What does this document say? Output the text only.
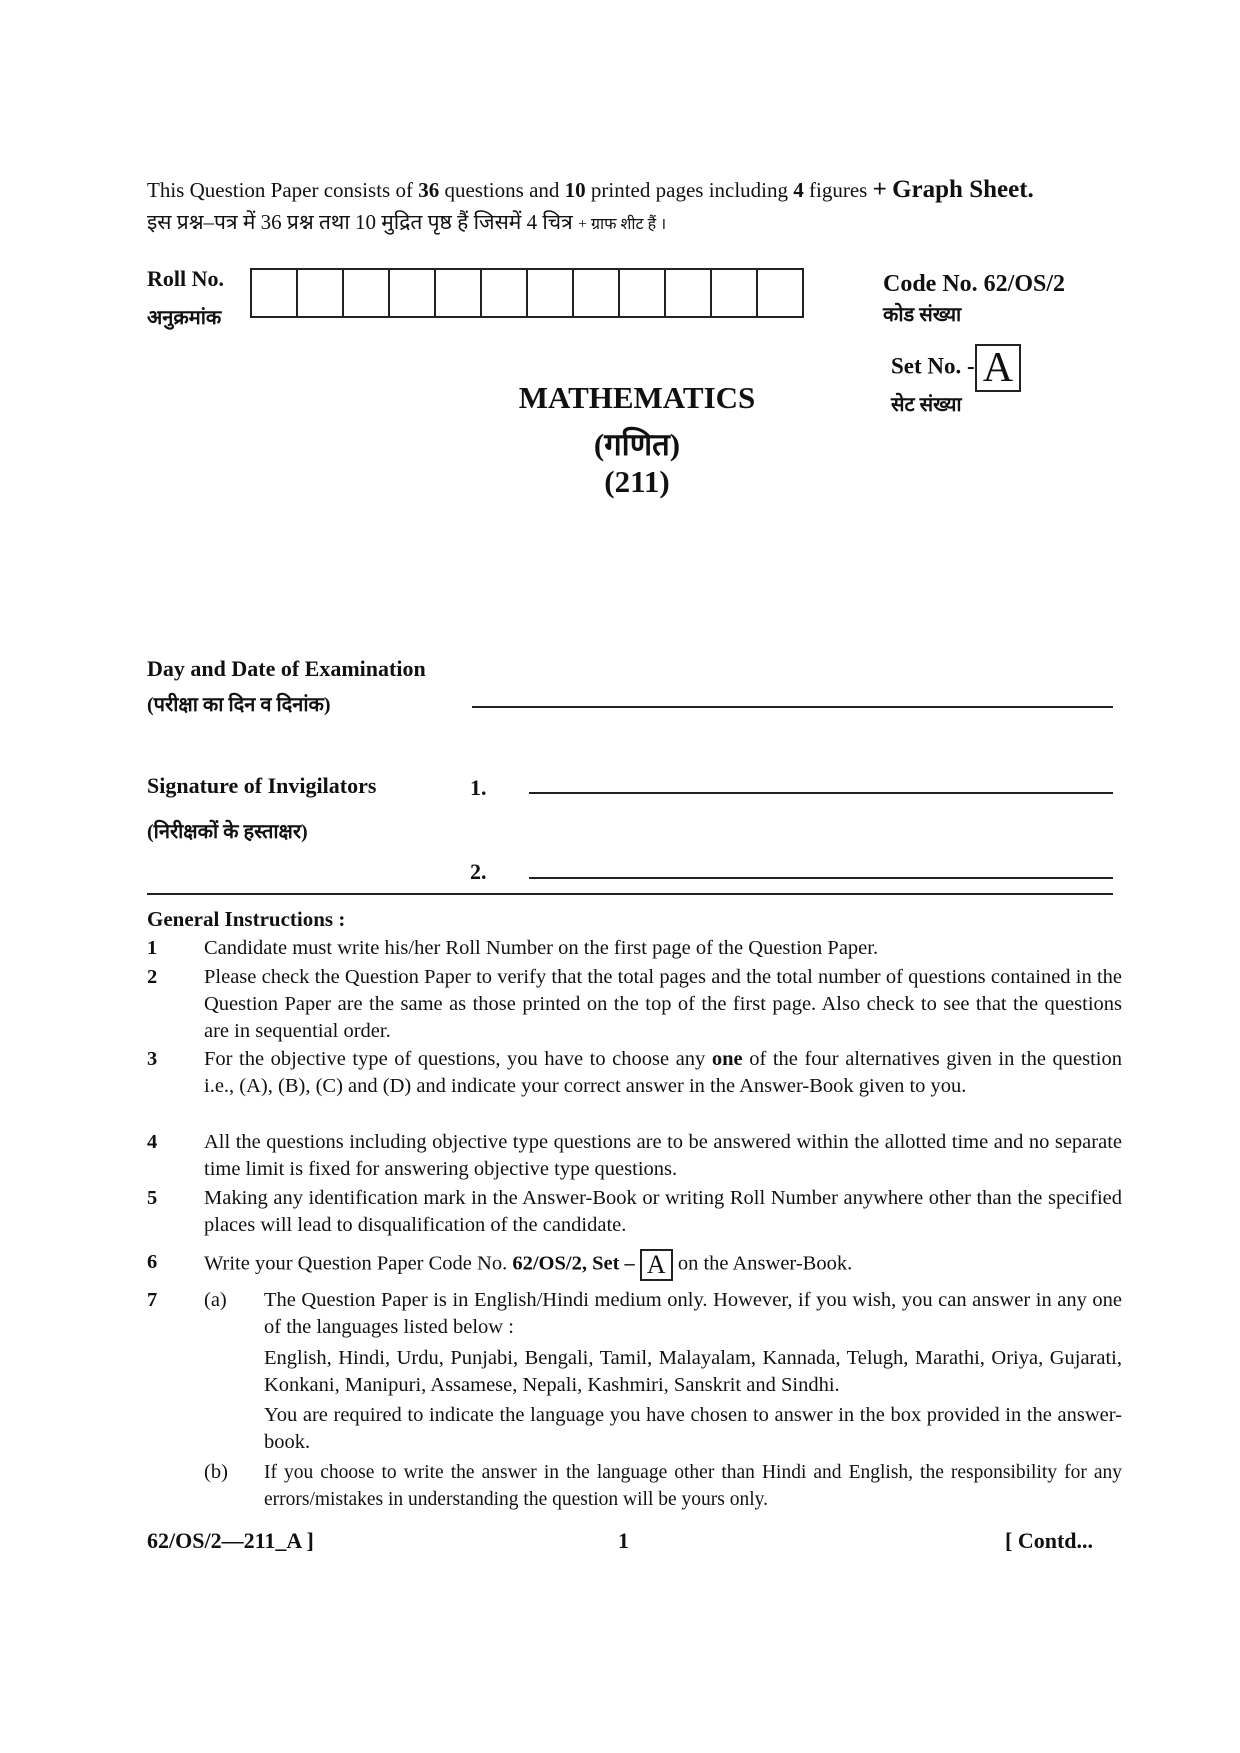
This Question Paper consists of 36 questions and 10 printed pages including 4 figures + Graph Sheet.
इस प्रश्न–पत्र में 36 प्रश्न तथा 10 मुद्रित पृष्ठ हैं जिसमें 4 चित्र + ग्राफ शीट हैं ।
Roll No.
अनुक्रमांक
Code No. 62/OS/2
कोड संख्या
Set No. - A
सेट संख्या
MATHEMATICS
(गणित)
(211)
Day and Date of Examination
(परीक्षा का दिन व दिनांक)
Signature of Invigilators
(निरीक्षकों के हस्ताक्षर)
1.
2.
General Instructions :
1 Candidate must write his/her Roll Number on the first page of the Question Paper.
2 Please check the Question Paper to verify that the total pages and the total number of questions contained in the Question Paper are the same as those printed on the top of the first page. Also check to see that the questions are in sequential order.
3 For the objective type of questions, you have to choose any one of the four alternatives given in the question i.e., (A), (B), (C) and (D) and indicate your correct answer in the Answer-Book given to you.
4 All the questions including objective type questions are to be answered within the allotted time and no separate time limit is fixed for answering objective type questions.
5 Making any identification mark in the Answer-Book or writing Roll Number anywhere other than the specified places will lead to disqualification of the candidate.
6 Write your Question Paper Code No. 62/OS/2, Set – A on the Answer-Book.
7 (a) The Question Paper is in English/Hindi medium only. However, if you wish, you can answer in any one of the languages listed below :
English, Hindi, Urdu, Punjabi, Bengali, Tamil, Malayalam, Kannada, Telugh, Marathi, Oriya, Gujarati, Konkani, Manipuri, Assamese, Nepali, Kashmiri, Sanskrit and Sindhi.
You are required to indicate the language you have chosen to answer in the box provided in the answer-book.
(b) If you choose to write the answer in the language other than Hindi and English, the responsibility for any errors/mistakes in understanding the question will be yours only.
62/OS/2—211_A ]	1	[ Contd...
